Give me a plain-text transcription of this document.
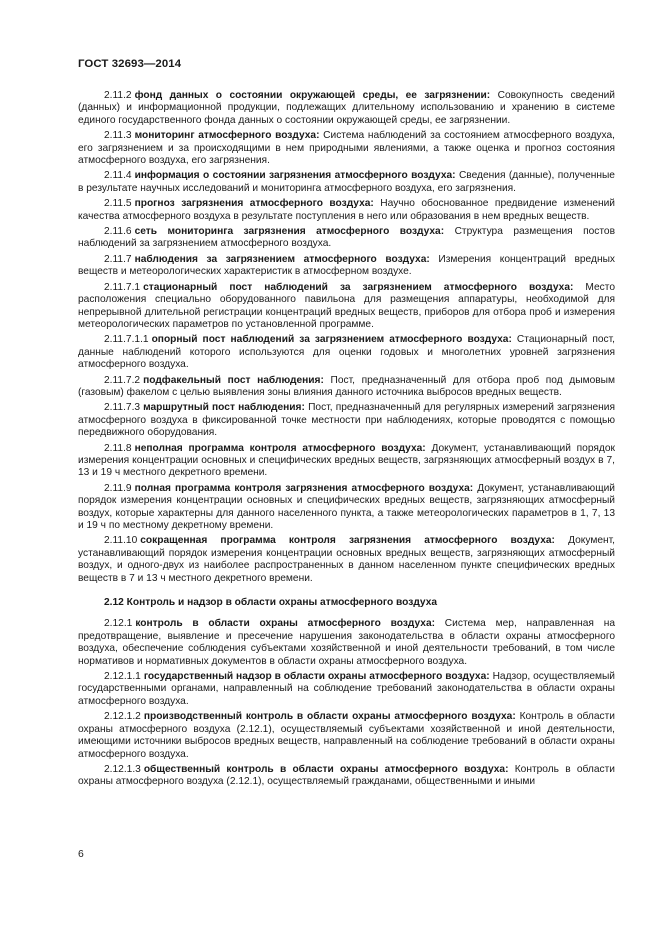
ГОСТ 32693—2014

2.11.2 фонд данных о состоянии окружающей среды, ее загрязнении: Совокупность сведений (данных) и информационной продукции, подлежащих длительному использованию и хранению в системе единого государственного фонда данных о состоянии окружающей среды, ее загрязнении.

2.11.3 мониторинг атмосферного воздуха: Система наблюдений за состоянием атмосферного воздуха, его загрязнением и за происходящими в нем природными явлениями, а также оценка и прогноз состояния атмосферного воздуха, его загрязнения.

2.11.4 информация о состоянии загрязнения атмосферного воздуха: Сведения (данные), полученные в результате научных исследований и мониторинга атмосферного воздуха, его загрязнения.

2.11.5 прогноз загрязнения атмосферного воздуха: Научно обоснованное предвидение изменений качества атмосферного воздуха в результате поступления в него или образования в нем вредных веществ.

2.11.6 сеть мониторинга загрязнения атмосферного воздуха: Структура размещения постов наблюдений за загрязнением атмосферного воздуха.

2.11.7 наблюдения за загрязнением атмосферного воздуха: Измерения концентраций вредных веществ и метеорологических характеристик в атмосферном воздухе.

2.11.7.1 стационарный пост наблюдений за загрязнением атмосферного воздуха: Место расположения специально оборудованного павильона для размещения аппаратуры, необходимой для непрерывной длительной регистрации концентраций вредных веществ, приборов для отбора проб и измерения метеорологических параметров по установленной программе.

2.11.7.1.1 опорный пост наблюдений за загрязнением атмосферного воздуха: Стационарный пост, данные наблюдений которого используются для оценки годовых и многолетних уровней загрязнения атмосферного воздуха.

2.11.7.2 подфакельный пост наблюдения: Пост, предназначенный для отбора проб под дымовым (газовым) факелом с целью выявления зоны влияния данного источника выбросов вредных веществ.

2.11.7.3 маршрутный пост наблюдения: Пост, предназначенный для регулярных измерений загрязнения атмосферного воздуха в фиксированной точке местности при наблюдениях, которые проводятся с помощью передвижного оборудования.

2.11.8 неполная программа контроля атмосферного воздуха: Документ, устанавливающий порядок измерения концентрации основных и специфических вредных веществ, загрязняющих атмосферный воздух в 7, 13 и 19 ч местного декретного времени.

2.11.9 полная программа контроля загрязнения атмосферного воздуха: Документ, устанавливающий порядок измерения концентрации основных и специфических вредных веществ, загрязняющих атмосферный воздух, которые характерны для данного населенного пункта, а также метеорологических параметров в 1, 7, 13 и 19 ч по местному декретному времени.

2.11.10 сокращенная программа контроля загрязнения атмосферного воздуха: Документ, устанавливающий порядок измерения концентрации основных вредных веществ, загрязняющих атмосферный воздух, и одного-двух из наиболее распространенных в данном населенном пункте специфических вредных веществ в 7 и 13 ч местного декретного времени.

2.12 Контроль и надзор в области охраны атмосферного воздуха

2.12.1 контроль в области охраны атмосферного воздуха: Система мер, направленная на предотвращение, выявление и пресечение нарушения законодательства в области охраны атмосферного воздуха, обеспечение соблюдения субъектами хозяйственной и иной деятельности требований, в том числе нормативов и нормативных документов в области охраны атмосферного воздуха.

2.12.1.1 государственный надзор в области охраны атмосферного воздуха: Надзор, осуществляемый государственными органами, направленный на соблюдение требований законодательства в области охраны атмосферного воздуха.

2.12.1.2 производственный контроль в области охраны атмосферного воздуха: Контроль в области охраны атмосферного воздуха (2.12.1), осуществляемый субъектами хозяйственной и иной деятельности, имеющими источники выбросов вредных веществ, направленный на соблюдение требований в области охраны атмосферного воздуха.

2.12.1.3 общественный контроль в области охраны атмосферного воздуха: Контроль в области охраны атмосферного воздуха (2.12.1), осуществляемый гражданами, общественными и иными

6
